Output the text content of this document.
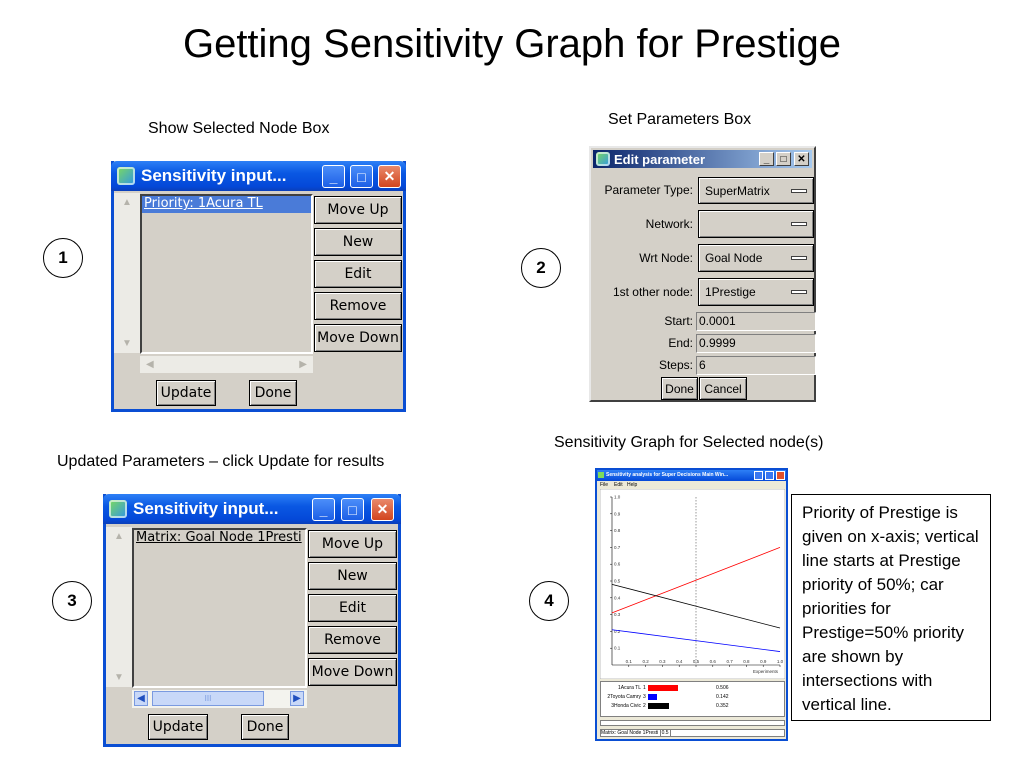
Getting Sensitivity Graph for Prestige
Show Selected Node Box
Set Parameters Box
Updated Parameters – click Update for results
Sensitivity Graph for Selected node(s)
1
2
3	4
Sensitivity input...	_	□	✕
▲
▼
Priority: 1Acura TL
◀	▶
Move Up
New
Edit
Remove
Move Down
Update	Done
Edit parameter	_	□	✕
Parameter Type: SuperMatrix
Network:
Wrt Node: Goal Node
1st other node: 1Prestige
Start: 0.0001
End: 0.9999
Steps: 6
Done Cancel
Sensitivity input...	_	□	✕
▲
▼
Matrix: Goal Node 1Presti
◀	III	▶
Move Up
New
Edit
Remove
Move Down
Update	Done
Sensitivity analysis for Super Decisions Main Win...
File Edit Help
0.1
0.2
0.3
0.4
0.5
0.6
0.7
0.8
0.9
1.0
0.1 0.2 0.3 0.4 0.5 0.6 0.7 0.8 0.9 1.0
Experiments
1Acura TL 1	0.506
2Toyota Camry 3	0.142
3Honda Civic 2	0.352
Matrix: Goal Node 1Presti 0.5
Priority of Prestige is given on x-axis; vertical line starts at Prestige priority of 50%; car priorities for Prestige=50% priority are shown by intersections with vertical line.
